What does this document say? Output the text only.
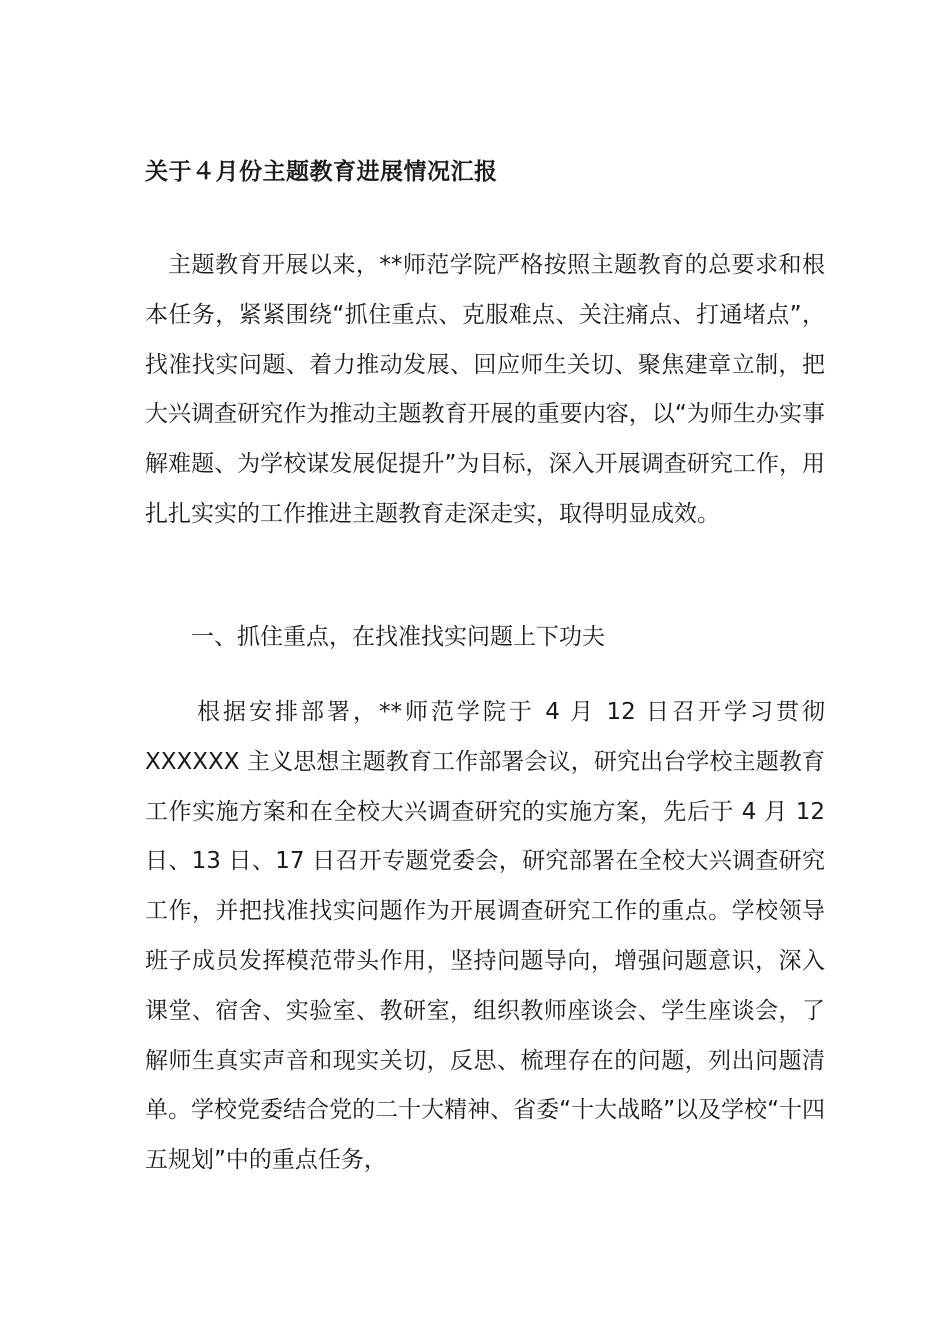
关于４月份主题教育进展情况汇报

主题教育开展以来，**师范学院严格按照主题教育的总要求和根本任务，紧紧围绕“抓住重点、克服难点、关注痛点、打通堵点”，找准找实问题、着力推动发展、回应师生关切、聚焦建章立制，把大兴调查研究作为推动主题教育开展的重要内容，以“为师生办实事解难题、为学校谋发展促提升”为目标，深入开展调查研究工作，用扎扎实实的工作推进主题教育走深走实，取得明显成效。

一、抓住重点，在找准找实问题上下功夫

根据安排部署，**师范学院于 4 月 12 日召开学习贯彻 XXXXXX 主义思想主题教育工作部署会议，研究出台学校主题教育工作实施方案和在全校大兴调查研究的实施方案，先后于 4 月 12 日、13 日、17 日召开专题党委会，研究部署在全校大兴调查研究工作，并把找准找实问题作为开展调查研究工作的重点。学校领导班子成员发挥模范带头作用，坚持问题导向，增强问题意识，深入课堂、宿舍、实验室、教研室，组织教师座谈会、学生座谈会，了解师生真实声音和现实关切，反思、梳理存在的问题，列出问题清单。学校党委结合党的二十大精神、省委“十大战略”以及学校“十四五规划”中的重点任务，
